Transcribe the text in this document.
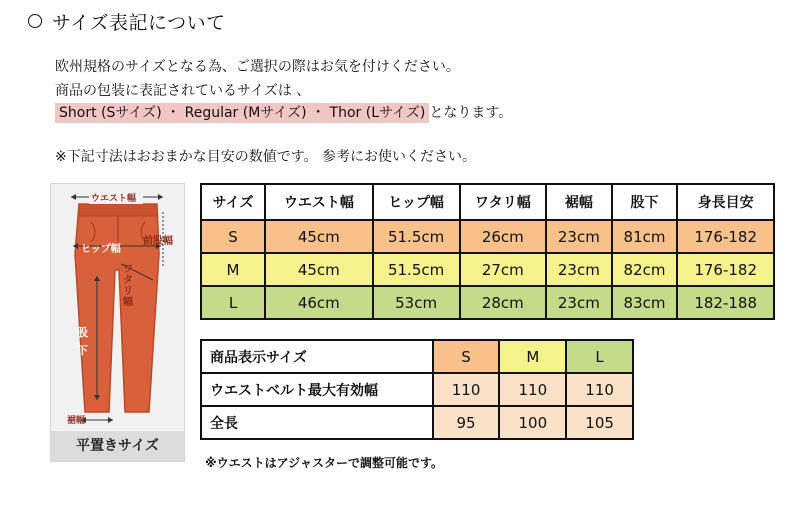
サイズ表記について
欧州規格のサイズとなる為、ご選択の際はお気を付けください。
商品の包装に表記されているサイズは 、
Short (Sサイズ) ・ Regular (Mサイズ) ・ Thor (Lサイズ) となります。
※下記寸法はおおまかな目安の数値です。 参考にお使いください。
ウエスト幅
ヒップ幅
前股幅
ワタリ幅
股下
裾幅
平置きサイズ
サイズ	ウエスト幅	ヒップ幅	ワタリ幅	裾幅	股下	身長目安
S	45cm	51.5cm	26cm	23cm	81cm	176-182
M	45cm	51.5cm	27cm	23cm	82cm	176-182
L	46cm	53cm	28cm	23cm	83cm	182-188
商品表示サイズ	S	M	L
ウエストベルト最大有効幅	110	110	110
全長	95	100	105
※ウエストはアジャスターで調整可能です。
